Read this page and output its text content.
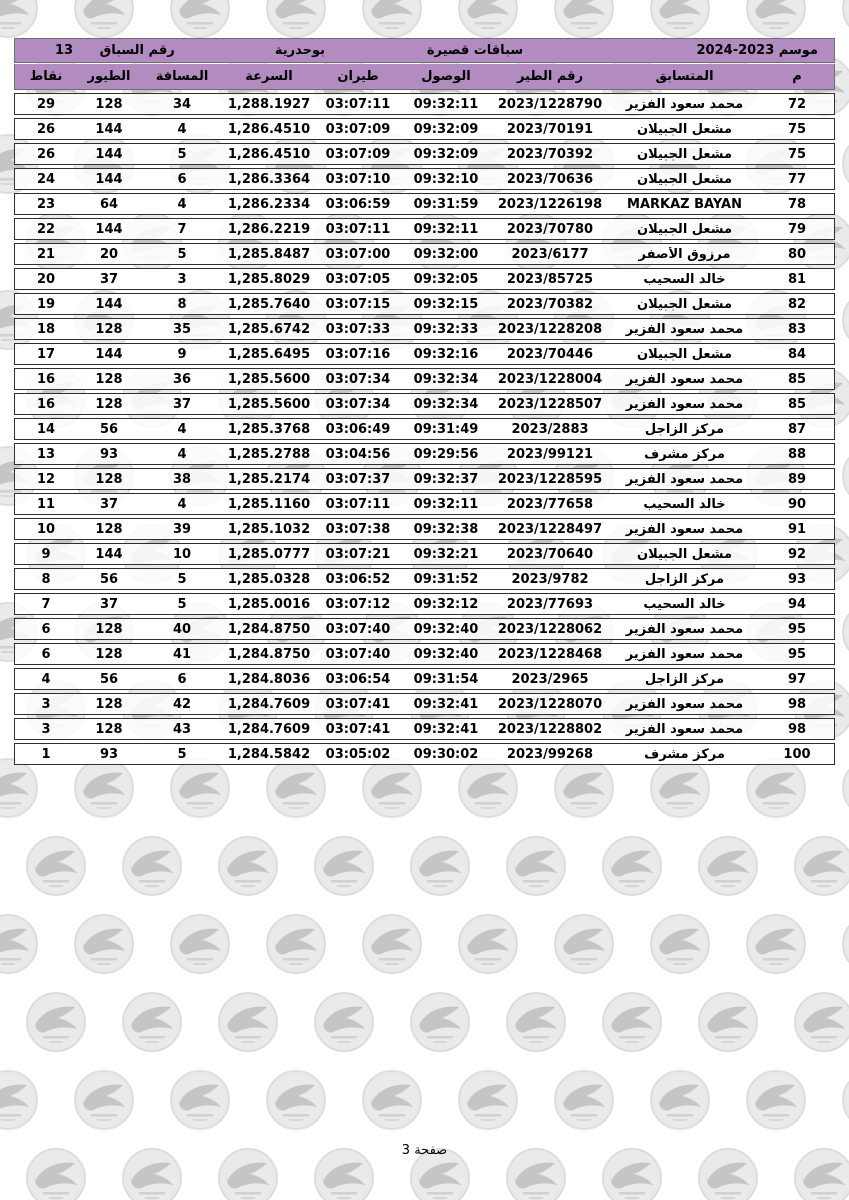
رقم السباق 13	بوحدرية	سباقات قصيرة	موسم 2023-2024
نقاط	الطيور	المسافة	السرعة	طيران	الوصول	رقم الطير	المتسابق	م
29	128	34	1,288.1927	03:07:11	09:32:11	2023/1228790	محمد سعود الفزير	72
26	144	4	1,286.4510	03:07:09	09:32:09	2023/70191	مشعل الجبيلان	75
26	144	5	1,286.4510	03:07:09	09:32:09	2023/70392	مشعل الجبيلان	75
24	144	6	1,286.3364	03:07:10	09:32:10	2023/70636	مشعل الجبيلان	77
23	64	4	1,286.2334	03:06:59	09:31:59	2023/1226198	MARKAZ BAYAN	78
22	144	7	1,286.2219	03:07:11	09:32:11	2023/70780	مشعل الجبيلان	79
21	20	5	1,285.8487	03:07:00	09:32:00	2023/6177	مرزوق الأصفر	80
20	37	3	1,285.8029	03:07:05	09:32:05	2023/85725	خالد السحيب	81
19	144	8	1,285.7640	03:07:15	09:32:15	2023/70382	مشعل الجبيلان	82
18	128	35	1,285.6742	03:07:33	09:32:33	2023/1228208	محمد سعود الفزير	83
17	144	9	1,285.6495	03:07:16	09:32:16	2023/70446	مشعل الجبيلان	84
16	128	36	1,285.5600	03:07:34	09:32:34	2023/1228004	محمد سعود الفزير	85
16	128	37	1,285.5600	03:07:34	09:32:34	2023/1228507	محمد سعود الفزير	85
14	56	4	1,285.3768	03:06:49	09:31:49	2023/2883	مركز الزاجل	87
13	93	4	1,285.2788	03:04:56	09:29:56	2023/99121	مركز مشرف	88
12	128	38	1,285.2174	03:07:37	09:32:37	2023/1228595	محمد سعود الفزير	89
11	37	4	1,285.1160	03:07:11	09:32:11	2023/77658	خالد السحيب	90
10	128	39	1,285.1032	03:07:38	09:32:38	2023/1228497	محمد سعود الفزير	91
9	144	10	1,285.0777	03:07:21	09:32:21	2023/70640	مشعل الجبيلان	92
8	56	5	1,285.0328	03:06:52	09:31:52	2023/9782	مركز الزاجل	93
7	37	5	1,285.0016	03:07:12	09:32:12	2023/77693	خالد السحيب	94
6	128	40	1,284.8750	03:07:40	09:32:40	2023/1228062	محمد سعود الفزير	95
6	128	41	1,284.8750	03:07:40	09:32:40	2023/1228468	محمد سعود الفزير	95
4	56	6	1,284.8036	03:06:54	09:31:54	2023/2965	مركز الزاجل	97
3	128	42	1,284.7609	03:07:41	09:32:41	2023/1228070	محمد سعود الفزير	98
3	128	43	1,284.7609	03:07:41	09:32:41	2023/1228802	محمد سعود الفزير	98
1	93	5	1,284.5842	03:05:02	09:30:02	2023/99268	مركز مشرف	100
صفحة 3
